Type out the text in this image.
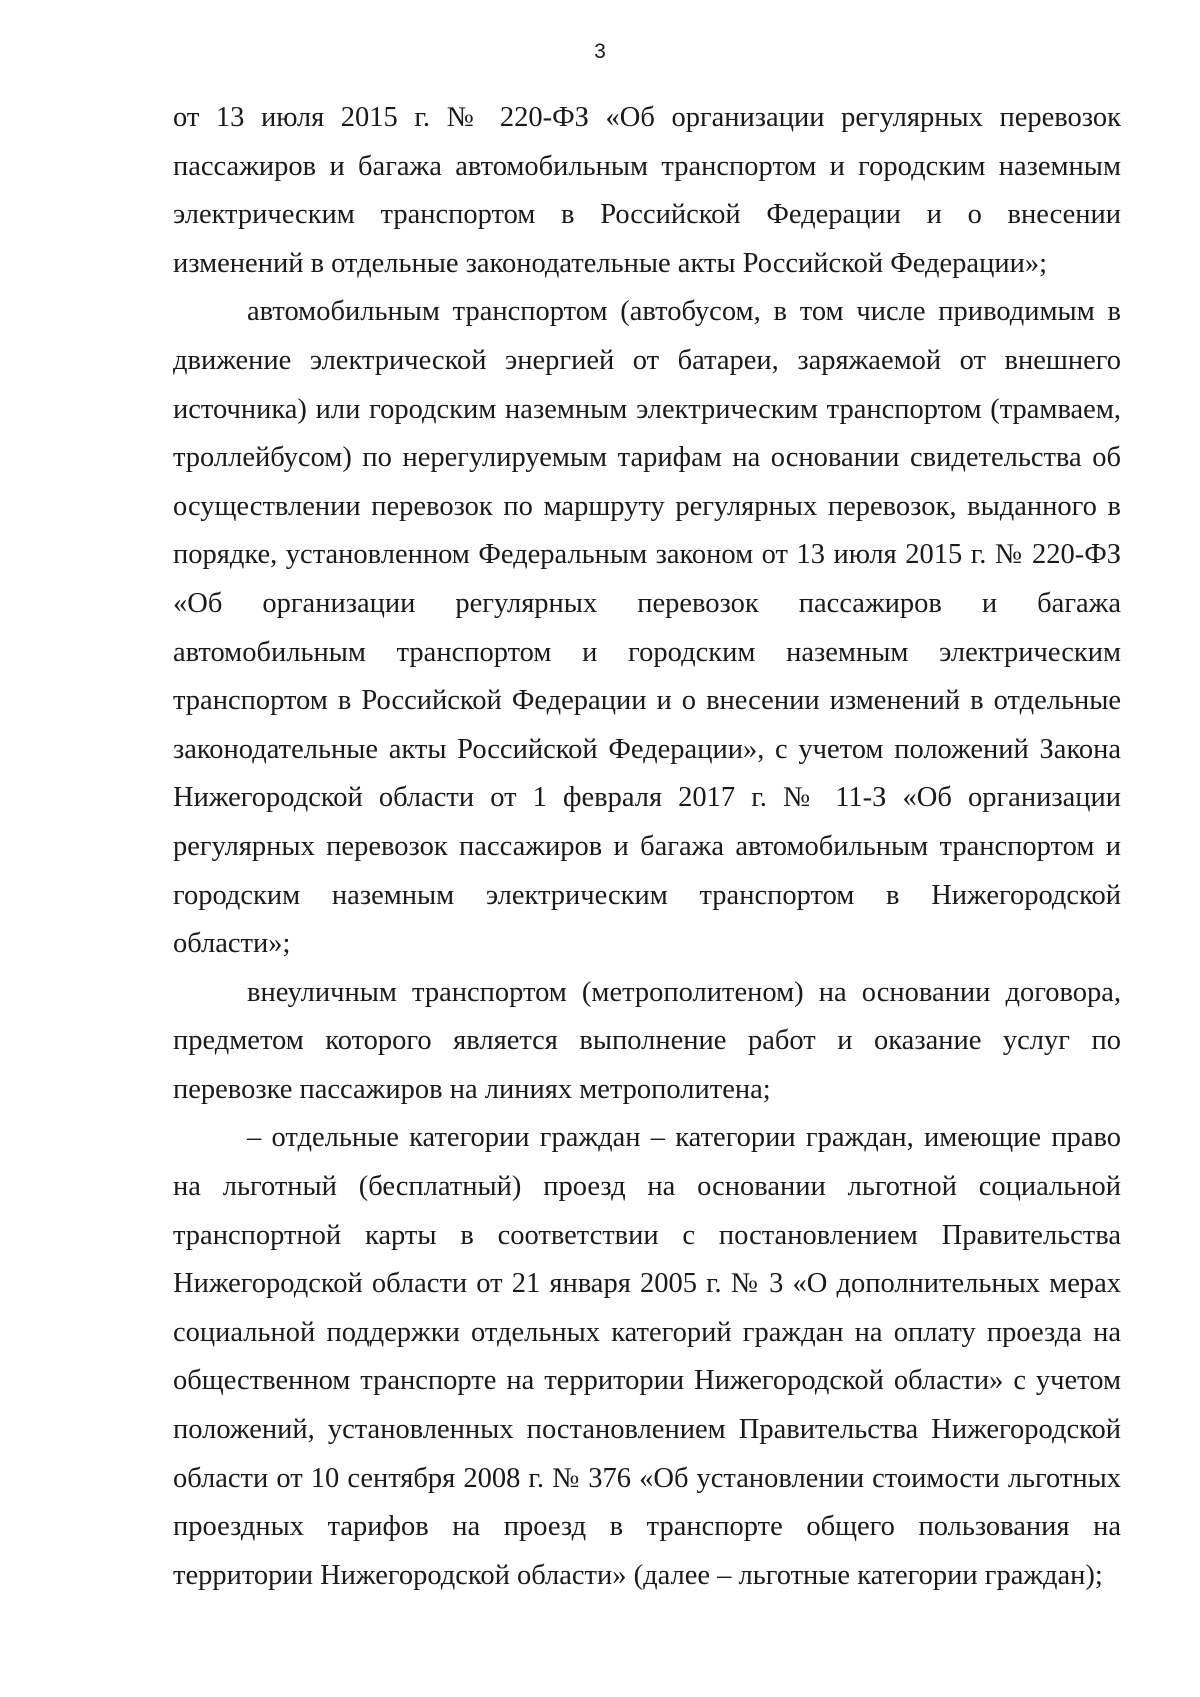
3

от 13 июля 2015 г. № 220-ФЗ «Об организации регулярных перевозок пассажиров и багажа автомобильным транспортом и городским наземным электрическим транспортом в Российской Федерации и о внесении изменений в отдельные законодательные акты Российской Федерации»;

автомобильным транспортом (автобусом, в том числе приводимым в движение электрической энергией от батареи, заряжаемой от внешнего источника) или городским наземным электрическим транспортом (трамваем, троллейбусом) по нерегулируемым тарифам на основании свидетельства об осуществлении перевозок по маршруту регулярных перевозок, выданного в порядке, установленном Федеральным законом от 13 июля 2015 г. № 220-ФЗ «Об организации регулярных перевозок пассажиров и багажа автомобильным транспортом и городским наземным электрическим транспортом в Российской Федерации и о внесении изменений в отдельные законодательные акты Российской Федерации», с учетом положений Закона Нижегородской области от 1 февраля 2017 г. № 11-З «Об организации регулярных перевозок пассажиров и багажа автомобильным транспортом и городским наземным электрическим транспортом в Нижегородской области»;

внеуличным транспортом (метрополитеном) на основании договора, предметом которого является выполнение работ и оказание услуг по перевозке пассажиров на линиях метрополитена;

– отдельные категории граждан – категории граждан, имеющие право на льготный (бесплатный) проезд на основании льготной социальной транспортной карты в соответствии с постановлением Правительства Нижегородской области от 21 января 2005 г. № 3 «О дополнительных мерах социальной поддержки отдельных категорий граждан на оплату проезда на общественном транспорте на территории Нижегородской области» с учетом положений, установленных постановлением Правительства Нижегородской области от 10 сентября 2008 г. № 376 «Об установлении стоимости льготных проездных тарифов на проезд в транспорте общего пользования на территории Нижегородской области» (далее – льготные категории граждан);
